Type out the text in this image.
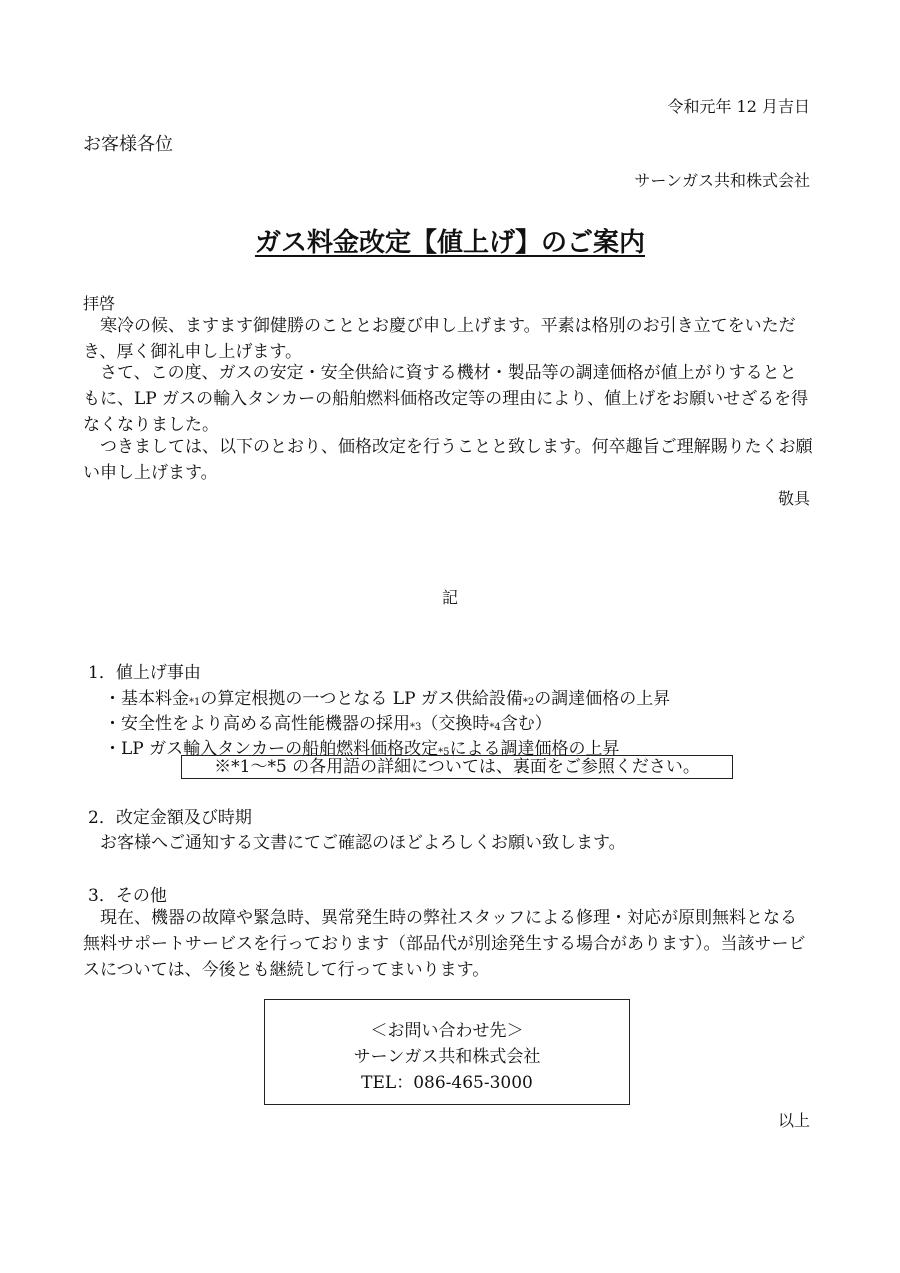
令和元年 12 月吉日
お客様各位
サーンガス共和株式会社
ガス料金改定【値上げ】のご案内
拝啓
寒冷の候、ますます御健勝のこととお慶び申し上げます。平素は格別のお引き立てをいただき、厚く御礼申し上げます。
さて、この度、ガスの安定・安全供給に資する機材・製品等の調達価格が値上がりするとともに、LP ガスの輸入タンカーの船舶燃料価格改定等の理由により、値上げをお願いせざるを得なくなりました。
つきましては、以下のとおり、価格改定を行うことと致します。何卒趣旨ご理解賜りたくお願い申し上げます。
敬具
記
1．値上げ事由
・基本料金$_{*1}$の算定根拠の一つとなる LP ガス供給設備$_{*2}$の調達価格の上昇
・安全性をより高める高性能機器の採用$_{*3}$（交換時$_{*4}$含む）
・LP ガス輸入タンカーの船舶燃料価格改定$_{*5}$による調達価格の上昇
※*1～*5 の各用語の詳細については、裏面をご参照ください。
2．改定金額及び時期
お客様へご通知する文書にてご確認のほどよろしくお願い致します。
3．その他
現在、機器の故障や緊急時、異常発生時の弊社スタッフによる修理・対応が原則無料となる無料サポートサービスを行っております（部品代が別途発生する場合があります）。当該サービスについては、今後とも継続して行ってまいります。
＜お問い合わせ先＞
サーンガス共和株式会社
TEL：086-465-3000
以上
